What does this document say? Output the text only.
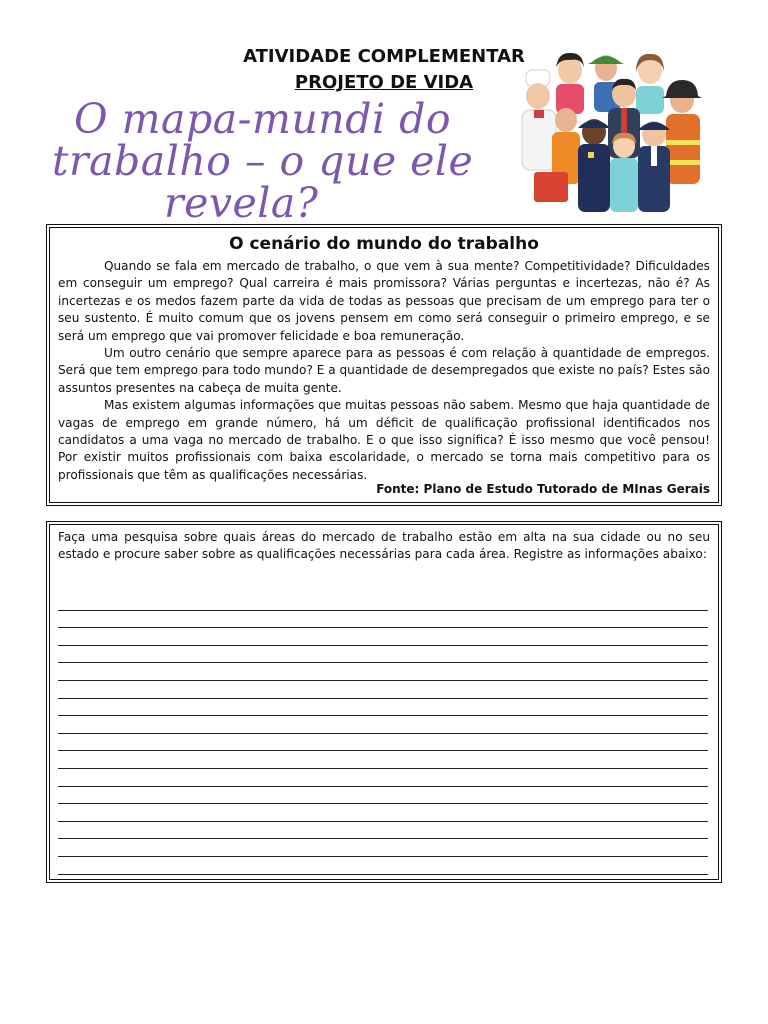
ATIVIDADE COMPLEMENTAR
PROJETO DE VIDA
O mapa-mundi do
trabalho – o que ele
revela?
O cenário do mundo do trabalho

Quando se fala em mercado de trabalho, o que vem à sua mente? Competitividade? Dificuldades em conseguir um emprego? Qual carreira é mais promissora? Várias perguntas e incertezas, não é? As incertezas e os medos fazem parte da vida de todas as pessoas que precisam de um emprego para ter o seu sustento. É muito comum que os jovens pensem em como será conseguir o primeiro emprego, e se será um emprego que vai promover felicidade e boa remuneração.

Um outro cenário que sempre aparece para as pessoas é com relação à quantidade de empregos. Será que tem emprego para todo mundo? E a quantidade de desempregados que existe no país? Estes são assuntos presentes na cabeça de muita gente.

Mas existem algumas informações que muitas pessoas não sabem. Mesmo que haja quantidade de vagas de emprego em grande número, há um déficit de qualificação profissional identificados nos candidatos a uma vaga no mercado de trabalho. E o que isso significa? É isso mesmo que você pensou! Por existir muitos profissionais com baixa escolaridade, o mercado se torna mais competitivo para os profissionais que têm as qualificações necessárias.

Fonte: Plano de Estudo Tutorado de MInas Gerais
Faça uma pesquisa sobre quais áreas do mercado de trabalho estão em alta na sua cidade ou no seu estado e procure saber sobre as qualificações necessárias para cada área. Registre as informações abaixo:
